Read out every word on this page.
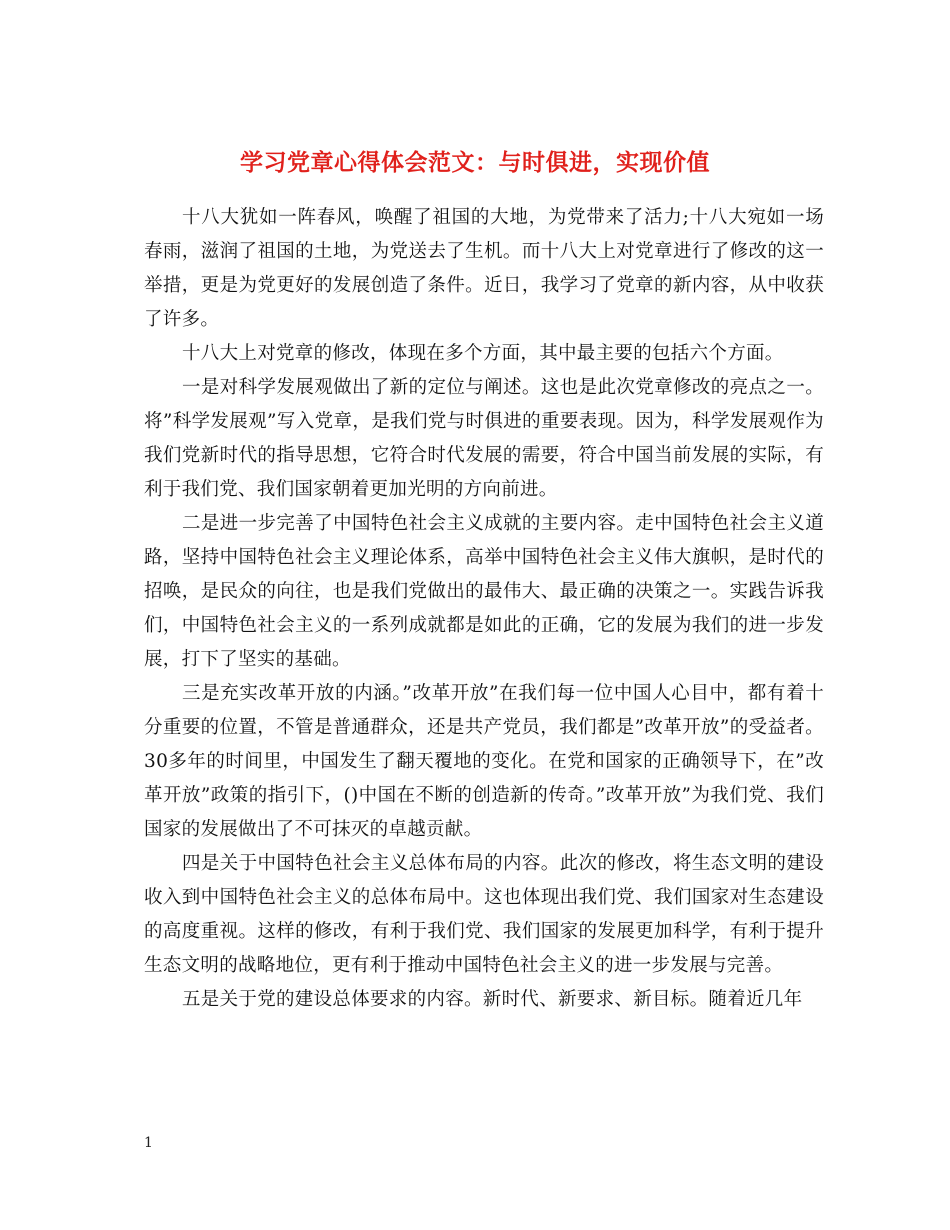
学习党章心得体会范文：与时俱进，实现价值

十八大犹如一阵春风，唤醒了祖国的大地，为党带来了活力;十八大宛如一场春雨，滋润了祖国的土地，为党送去了生机。而十八大上对党章进行了修改的这一举措，更是为党更好的发展创造了条件。近日，我学习了党章的新内容，从中收获了许多。

十八大上对党章的修改，体现在多个方面，其中最主要的包括六个方面。

一是对科学发展观做出了新的定位与阐述。这也是此次党章修改的亮点之一。将”科学发展观”写入党章，是我们党与时俱进的重要表现。因为，科学发展观作为我们党新时代的指导思想，它符合时代发展的需要，符合中国当前发展的实际，有利于我们党、我们国家朝着更加光明的方向前进。

二是进一步完善了中国特色社会主义成就的主要内容。走中国特色社会主义道路，坚持中国特色社会主义理论体系，高举中国特色社会主义伟大旗帜，是时代的招唤，是民众的向往，也是我们党做出的最伟大、最正确的决策之一。实践告诉我们，中国特色社会主义的一系列成就都是如此的正确，它的发展为我们的进一步发展，打下了坚实的基础。

三是充实改革开放的内涵。”改革开放”在我们每一位中国人心目中，都有着十分重要的位置，不管是普通群众，还是共产党员，我们都是”改革开放”的受益者。30多年的时间里，中国发生了翻天覆地的变化。在党和国家的正确领导下，在”改革开放”政策的指引下，()中国在不断的创造新的传奇。”改革开放”为我们党、我们国家的发展做出了不可抹灭的卓越贡献。

四是关于中国特色社会主义总体布局的内容。此次的修改，将生态文明的建设收入到中国特色社会主义的总体布局中。这也体现出我们党、我们国家对生态建设的高度重视。这样的修改，有利于我们党、我们国家的发展更加科学，有利于提升生态文明的战略地位，更有利于推动中国特色社会主义的进一步发展与完善。

五是关于党的建设总体要求的内容。新时代、新要求、新目标。随着近几年

1
